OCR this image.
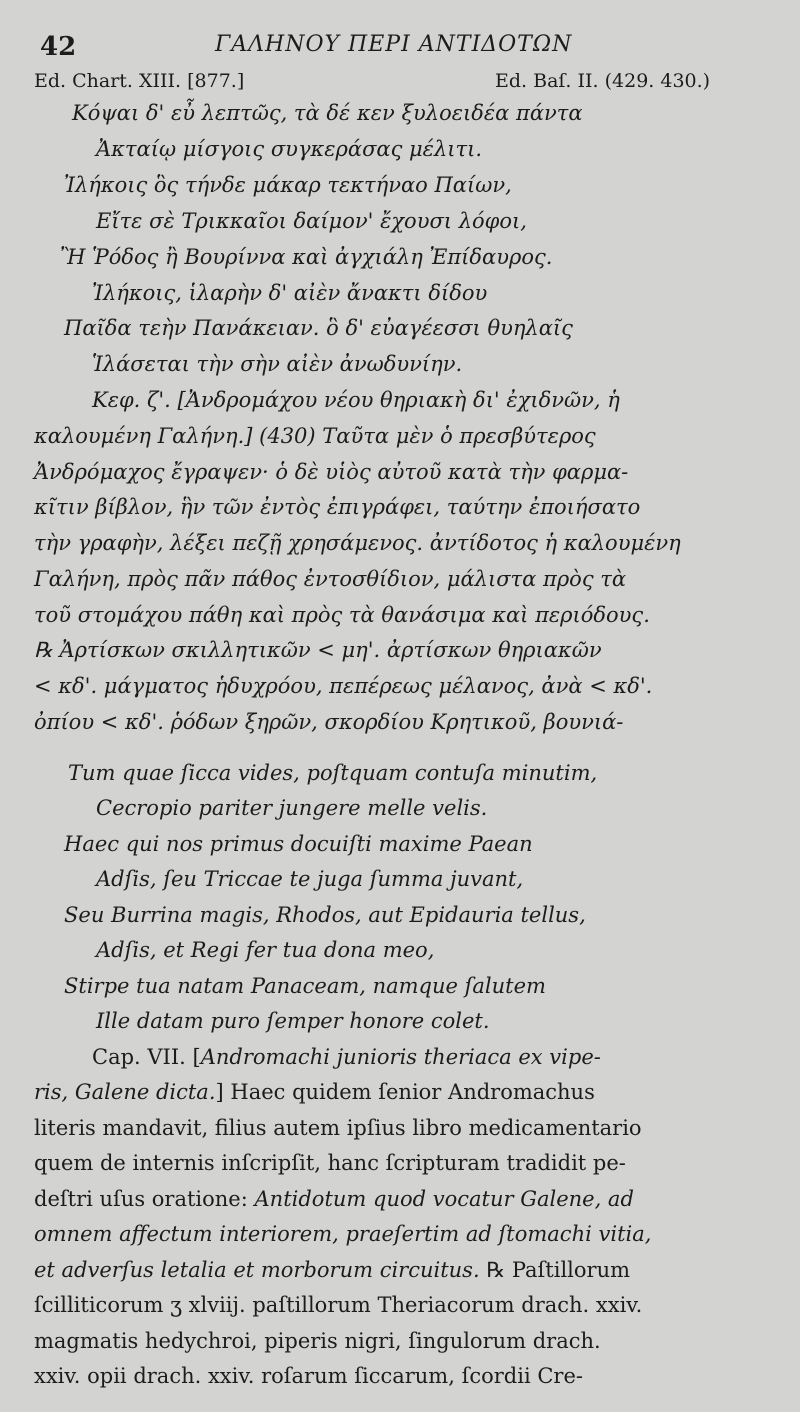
42	ΓΑΛΗΝΟΥ ΠΕΡΙ ΑΝΤΙΔΟΤΩΝ
Ed. Chart. XIII. [877.]	Ed. Baſ. II. (429. 430.)
Κόψαι δ' εὖ λεπτῶς, τὰ δέ κεν ξυλοειδέα πάντα
Ἀκταίῳ μίσγοις συγκεράσας μέλιτι.
Ἰλήκοις ὃς τήνδε μάκαρ τεκτήναο Παίων,
Εἴτε σὲ Τρικκαῖοι δαίμον' ἔχουσι λόφοι,
Ἢ Ῥόδος ἢ Βουρίννα καὶ ἀγχιάλη Ἐπίδαυρος.
Ἰλήκοις, ἱλαρὴν δ' αἰὲν ἄνακτι δίδου
Παῖδα τεὴν Πανάκειαν. ὃ δ' εὐαγέεσσι θυηλαῖς
Ἱλάσεται τὴν σὴν αἰὲν ἀνωδυνίην.
Κεφ. ζ'. [Ἀνδρομάχου νέου θηριακὴ δι' ἐχιδνῶν, ἡ
καλουμένη Γαλήνη.] (430) Ταῦτα μὲν ὁ πρεσβύτερος
Ἀνδρόμαχος ἔγραψεν· ὁ δὲ υἱὸς αὐτοῦ κατὰ τὴν φαρμα-
κῖτιν βίβλον, ἣν τῶν ἐντὸς ἐπιγράφει, ταύτην ἐποιήσατο
τὴν γραφὴν, λέξει πεζῇ χρησάμενος. ἀντίδοτος ἡ καλουμένη
Γαλήνη, πρὸς πᾶν πάθος ἐντοσθίδιον, μάλιστα πρὸς τὰ
τοῦ στομάχου πάθη καὶ πρὸς τὰ θανάσιμα καὶ περιόδους.
℞ Ἀρτίσκων σκιλλητικῶν < μη'. ἀρτίσκων θηριακῶν
< κδ'. μάγματος ἡδυχρόου, πεπέρεως μέλανος, ἀνὰ < κδ'.
ὀπίου < κδ'. ῥόδων ξηρῶν, σκορδίου Κρητικοῦ, βουνιά-
Tum quae ſicca vides, poſtquam contuſa minutim,
Cecropio pariter jungere melle velis.
Haec qui nos primus docuiſti maxime Paean
Adſis, ſeu Triccae te juga ſumma juvant,
Seu Burrina magis, Rhodos, aut Epidauria tellus,
Adſis, et Regi fer tua dona meo,
Stirpe tua natam Panaceam, namque ſalutem
Ille datam puro ſemper honore colet.
Cap. VII. [Andromachi junioris theriaca ex vipe-
ris, Galene dicta.] Haec quidem ſenior Andromachus
literis mandavit, filius autem ipſius libro medicamentario
quem de internis inſcripſit, hanc ſcripturam tradidit pe-
deſtri uſus oratione: Antidotum quod vocatur Galene, ad
omnem affectum interiorem, praeſertim ad ſtomachi vitia,
et adverſus letalia et morborum circuitus. ℞ Paſtillorum
ſcilliticorum ʒ xlviij. paſtillorum Theriacorum drach. xxiv.
magmatis hedychroi, piperis nigri, ſingulorum drach.
xxiv. opii drach. xxiv. roſarum ſiccarum, ſcordii Cre-
